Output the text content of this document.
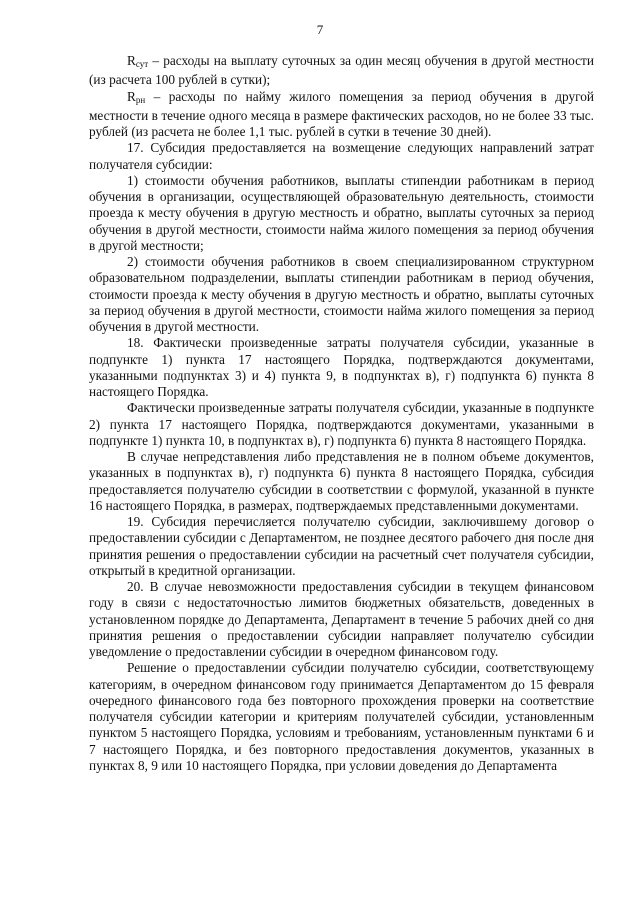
7

$R_{сут}$ – расходы на выплату суточных за один месяц обучения в другой местности (из расчета 100 рублей в сутки);

$R_{рн}$ – расходы по найму жилого помещения за период обучения в другой местности в течение одного месяца в размере фактических расходов, но не более 33 тыс. рублей (из расчета не более 1,1 тыс. рублей в сутки в течение 30 дней).

17. Субсидия предоставляется на возмещение следующих направлений затрат получателя субсидии:

1) стоимости обучения работников, выплаты стипендии работникам в период обучения в организации, осуществляющей образовательную деятельность, стоимости проезда к месту обучения в другую местность и обратно, выплаты суточных за период обучения в другой местности, стоимости найма жилого помещения за период обучения в другой местности;

2) стоимости обучения работников в своем специализированном структурном образовательном подразделении, выплаты стипендии работникам в период обучения, стоимости проезда к месту обучения в другую местность и обратно, выплаты суточных за период обучения в другой местности, стоимости найма жилого помещения за период обучения в другой местности.

18. Фактически произведенные затраты получателя субсидии, указанные в подпункте 1) пункта 17 настоящего Порядка, подтверждаются документами, указанными подпунктах 3) и 4) пункта 9, в подпунктах в), г) подпункта 6) пункта 8 настоящего Порядка.

Фактически произведенные затраты получателя субсидии, указанные в подпункте 2) пункта 17 настоящего Порядка, подтверждаются документами, указанными в подпункте 1) пункта 10, в подпунктах в), г) подпункта 6) пункта 8 настоящего Порядка.

В случае непредставления либо представления не в полном объеме документов, указанных в подпунктах в), г) подпункта 6) пункта 8 настоящего Порядка, субсидия предоставляется получателю субсидии в соответствии с формулой, указанной в пункте 16 настоящего Порядка, в размерах, подтверждаемых представленными документами.

19. Субсидия перечисляется получателю субсидии, заключившему договор о предоставлении субсидии с Департаментом, не позднее десятого рабочего дня после дня принятия решения о предоставлении субсидии на расчетный счет получателя субсидии, открытый в кредитной организации.

20. В случае невозможности предоставления субсидии в текущем финансовом году в связи с недостаточностью лимитов бюджетных обязательств, доведенных в установленном порядке до Департамента, Департамент в течение 5 рабочих дней со дня принятия решения о предоставлении субсидии направляет получателю субсидии уведомление о предоставлении субсидии в очередном финансовом году.

Решение о предоставлении субсидии получателю субсидии, соответствующему категориям, в очередном финансовом году принимается Департаментом до 15 февраля очередного финансового года без повторного прохождения проверки на соответствие получателя субсидии категории и критериям получателей субсидии, установленным пунктом 5 настоящего Порядка, условиям и требованиям, установленным пунктами 6 и 7 настоящего Порядка, и без повторного предоставления документов, указанных в пунктах 8, 9 или 10 настоящего Порядка, при условии доведения до Департамента
